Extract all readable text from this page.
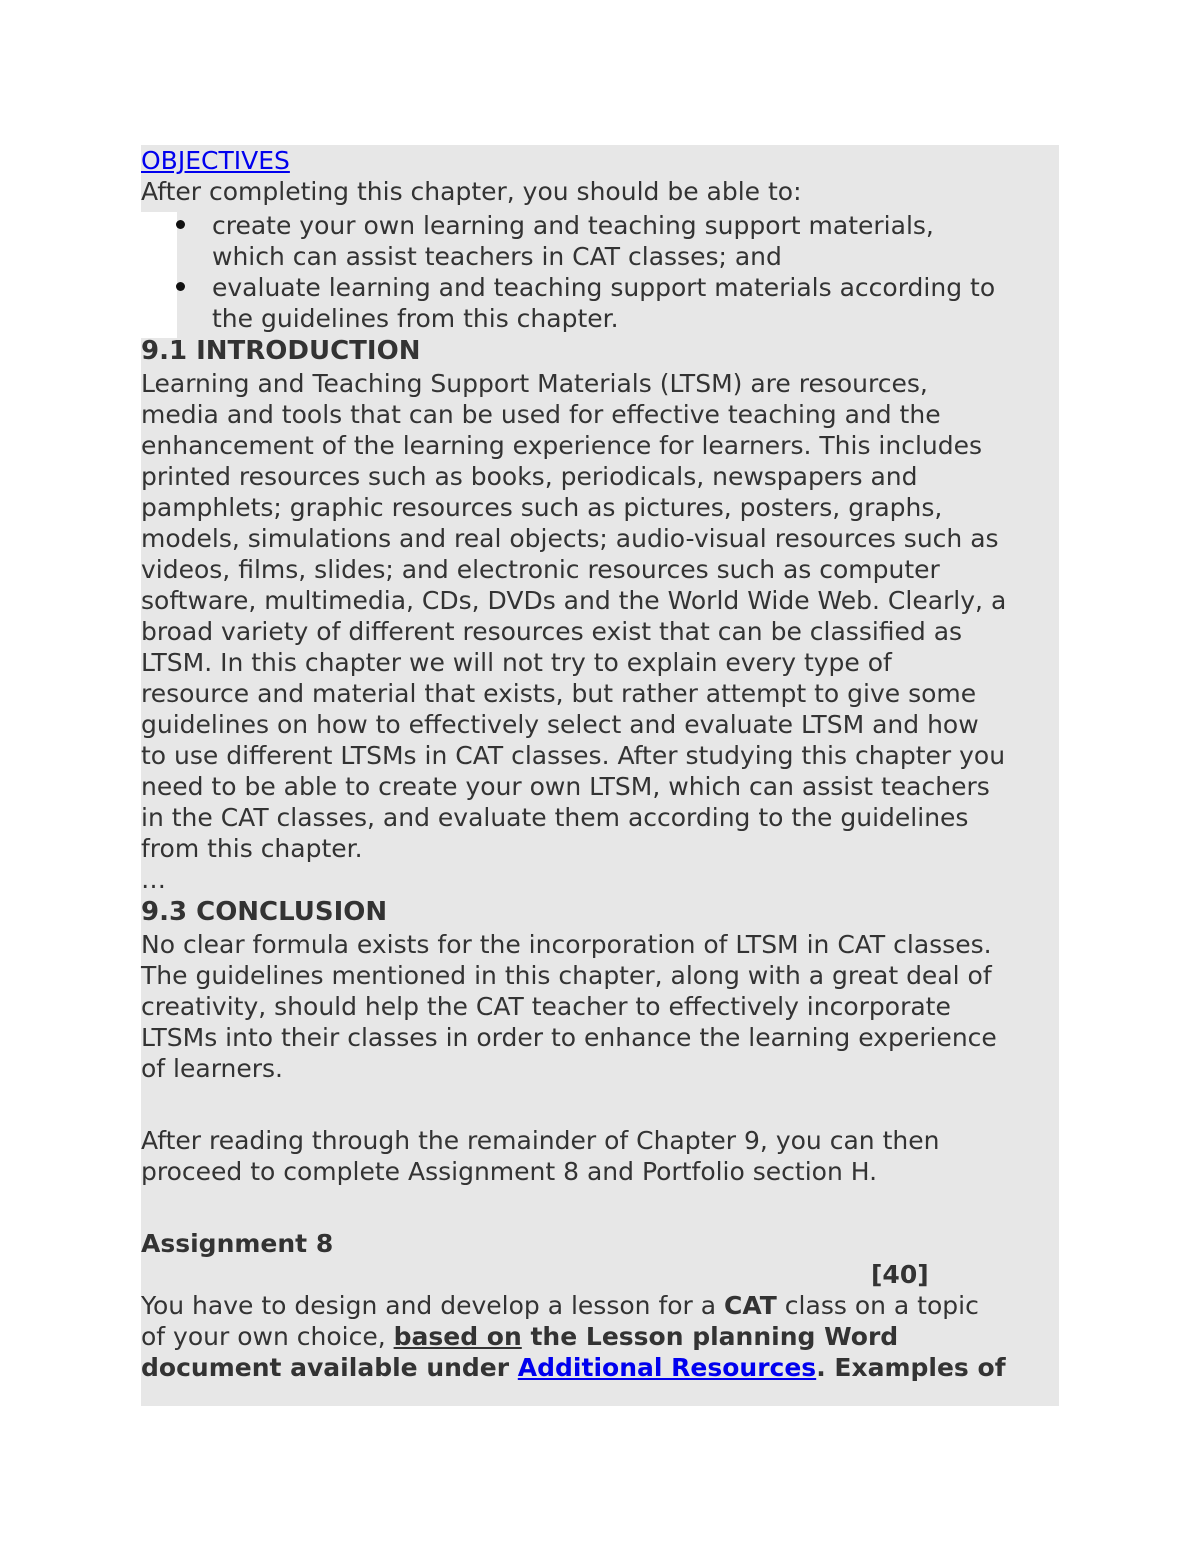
OBJECTIVES
After completing this chapter, you should be able to:
create your own learning and teaching support materials,
which can assist teachers in CAT classes; and
evaluate learning and teaching support materials according to
the guidelines from this chapter.
9.1 INTRODUCTION
Learning and Teaching Support Materials (LTSM) are resources,
media and tools that can be used for effective teaching and the
enhancement of the learning experience for learners. This includes
printed resources such as books, periodicals, newspapers and
pamphlets; graphic resources such as pictures, posters, graphs,
models, simulations and real objects; audio-visual resources such as
videos, films, slides; and electronic resources such as computer
software, multimedia, CDs, DVDs and the World Wide Web. Clearly, a
broad variety of different resources exist that can be classified as
LTSM. In this chapter we will not try to explain every type of
resource and material that exists, but rather attempt to give some
guidelines on how to effectively select and evaluate LTSM and how
to use different LTSMs in CAT classes. After studying this chapter you
need to be able to create your own LTSM, which can assist teachers
in the CAT classes, and evaluate them according to the guidelines
from this chapter.
…
9.3 CONCLUSION
No clear formula exists for the incorporation of LTSM in CAT classes.
The guidelines mentioned in this chapter, along with a great deal of
creativity, should help the CAT teacher to effectively incorporate
LTSMs into their classes in order to enhance the learning experience
of learners.
After reading through the remainder of Chapter 9, you can then
proceed to complete Assignment 8 and Portfolio section H.
Assignment 8
[40]
You have to design and develop a lesson for a CAT class on a topic
of your own choice, based on the Lesson planning Word
document available under Additional Resources. Examples of
